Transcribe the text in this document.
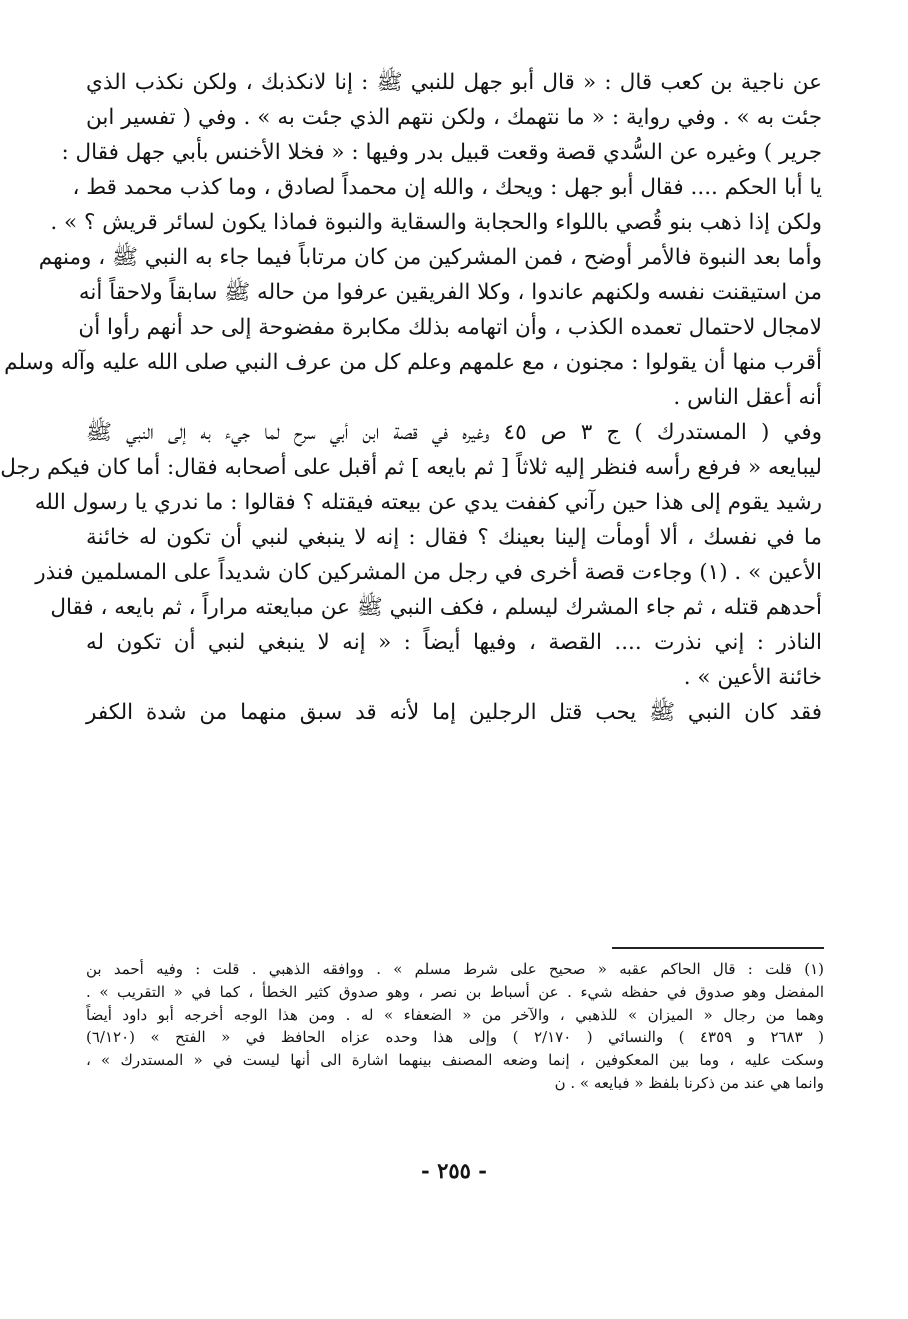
عن ناجية بن كعب قال : « قال أبو جهل للنبي ﷺ : إنا لانكذبك ، ولكن نكذب الذي
جئت به » . وفي رواية : « ما نتهمك ، ولكن نتهم الذي جئت به » . وفي ( تفسير ابن
جرير ) وغيره عن السُّدي قصة وقعت قبيل بدر وفيها : « فخلا الأخنس بأبي جهل فقال :
يا أبا الحكم .... فقال أبو جهل : ويحك ، والله إن محمداً لصادق ، وما كذب محمد قط ،
ولكن إذا ذهب بنو قُصي باللواء والحجابة والسقاية والنبوة فماذا يكون لسائر قريش ؟ » .
وأما بعد النبوة فالأمر أوضح ، فمن المشركين من كان مرتاباً فيما جاء به النبي ﷺ ، ومنهم
من استيقنت نفسه ولكنهم عاندوا ، وكلا الفريقين عرفوا من حاله ﷺ سابقاً ولاحقاً أنه
لامجال لاحتمال تعمده الكذب ، وأن اتهامه بذلك مكابرة مفضوحة إلى حد أنهم رأوا أن
أقرب منها أن يقولوا : مجنون ، مع علمهم وعلم كل من عرف النبي صلى الله عليه وآله وسلم
أنه أعقل الناس .
وفي ( المستدرك ) ج ٣ ص ٤٥ وغيره في قصة ابن أبي سرح لما جيء به إلى النبي ﷺ
ليبايعه « فرفع رأسه فنظر إليه ثلاثاً [ ثم بايعه ] ثم أقبل على أصحابه فقال: أما كان فيكم رجل
رشيد يقوم إلى هذا حين رآني كففت يدي عن بيعته فيقتله ؟ فقالوا : ما ندري يا رسول الله
ما في نفسك ، ألا أومأت إلينا بعينك ؟ فقال : إنه لا ينبغي لنبي أن تكون له خائنة
الأعين » . (١) وجاءت قصة أخرى في رجل من المشركين كان شديداً على المسلمين فنذر
أحدهم قتله ، ثم جاء المشرك ليسلم ، فكف النبي ﷺ عن مبايعته مراراً ، ثم بايعه ، فقال
الناذر : إني نذرت .... القصة ، وفيها أيضاً : « إنه لا ينبغي لنبي أن تكون له
خائنة الأعين » .
فقد كان النبي ﷺ يحب قتل الرجلين إما لأنه قد سبق منهما من شدة الكفر
(١) قلت : قال الحاكم عقبه « صحيح على شرط مسلم » . ووافقه الذهبي . قلت : وفيه أحمد بن
المفضل وهو صدوق في حفظه شيء . عن أسباط بن نصر ، وهو صدوق كثير الخطأ ، كما في « التقريب » .
وهما من رجال « الميزان » للذهبي ، والآخر من « الضعفاء » له . ومن هذا الوجه أخرجه أبو داود أيضاً
( ٢٦٨٣ و ٤٣٥٩ ) والنسائي ( ٢/١٧٠ ) وإلى هذا وحده عزاه الحافظ في « الفتح » (٦/١٢٠)
وسكت عليه ، وما بين المعكوفين ، إنما وضعه المصنف بينهما اشارة الى أنها ليست في « المستدرك » ،
وانما هي عند من ذكرنا بلفظ « فبايعه » . ن
- ٢٥٥ -
